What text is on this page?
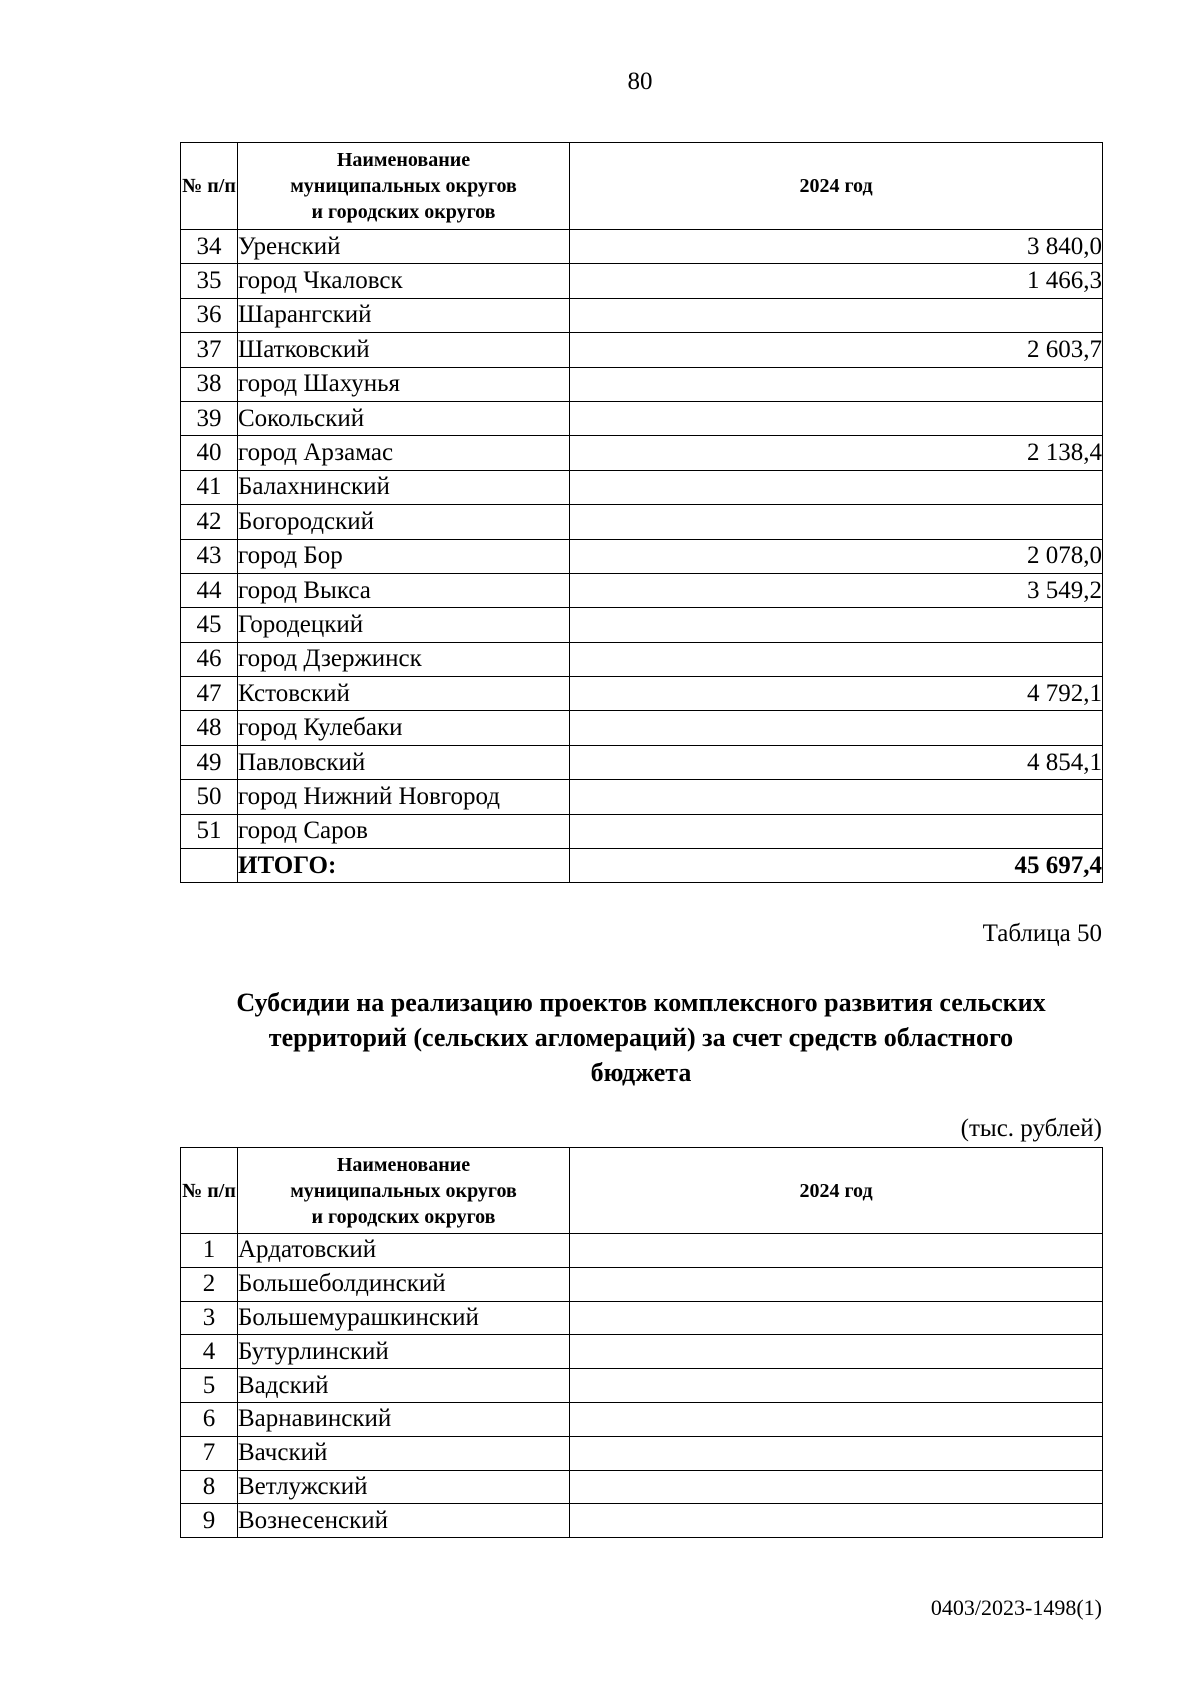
80
№ п/п	Наименование
муниципальных округов
и городских округов	2024 год
34	Уренский	3 840,0
35	город Чкаловск	1 466,3
36	Шарангский	
37	Шатковский	2 603,7
38	город Шахунья	
39	Сокольский	
40	город Арзамас	2 138,4
41	Балахнинский	
42	Богородский	
43	город Бор	2 078,0
44	город Выкса	3 549,2
45	Городецкий	
46	город Дзержинск	
47	Кстовский	4 792,1
48	город Кулебаки	
49	Павловский	4 854,1
50	город Нижний Новгород	
51	город Саров	
	ИТОГО:	45 697,4
Таблица 50
Субсидии на реализацию проектов комплексного развития сельских
территорий (сельских агломераций) за счет средств областного
бюджета
(тыс. рублей)
№ п/п	Наименование
муниципальных округов
и городских округов	2024 год
1	Ардатовский	
2	Большеболдинский	
3	Большемурашкинский	
4	Бутурлинский	
5	Вадский	
6	Варнавинский	
7	Вачский	
8	Ветлужский	
9	Вознесенский	
0403/2023-1498(1)
